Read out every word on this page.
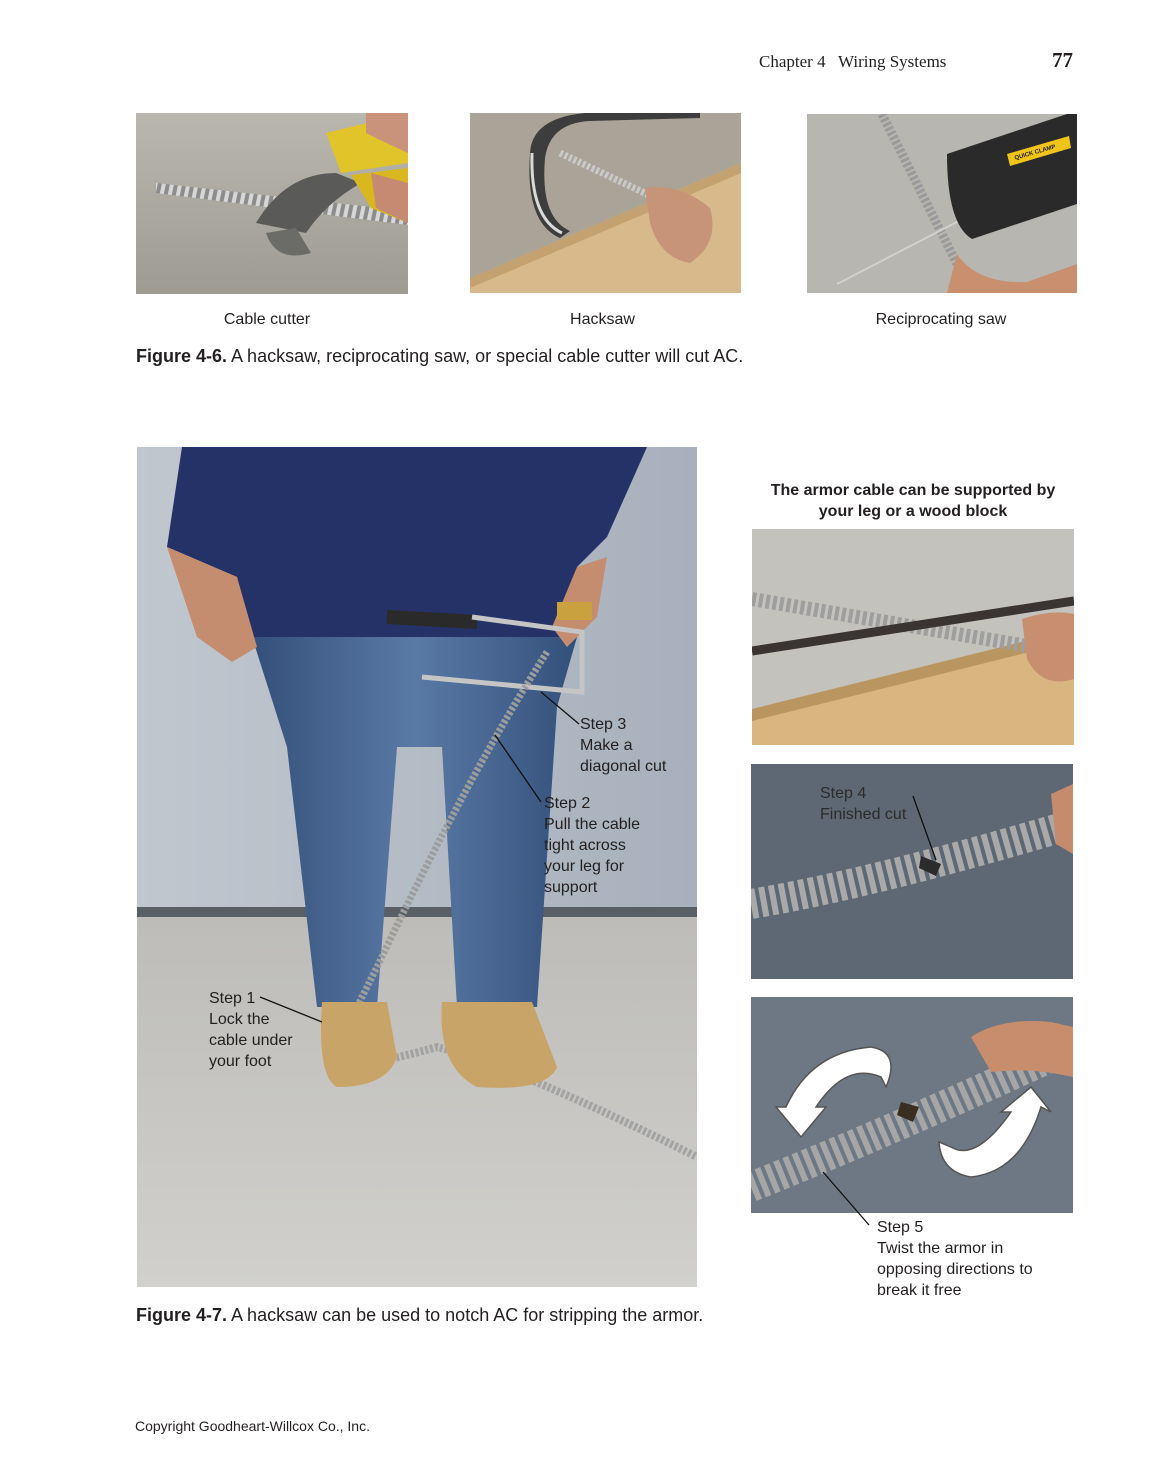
Chapter 4   Wiring Systems	77
Cable cutter	Hacksaw
QUICK CLAMP
Reciprocating saw
Figure 4-6. A hacksaw, reciprocating saw, or special cable cutter will cut AC.
Step 3
Make a
diagonal cut
Step 2
Pull the cable
tight across
your leg for
support
Step 1
Lock the
cable under
your foot
The armor cable can be supported by
your leg or a wood block
Step 4
Finished cut
Step 5
Twist the armor in
opposing directions to
break it free
Figure 4-7. A hacksaw can be used to notch AC for stripping the armor.
Copyright Goodheart-Willcox Co., Inc.
